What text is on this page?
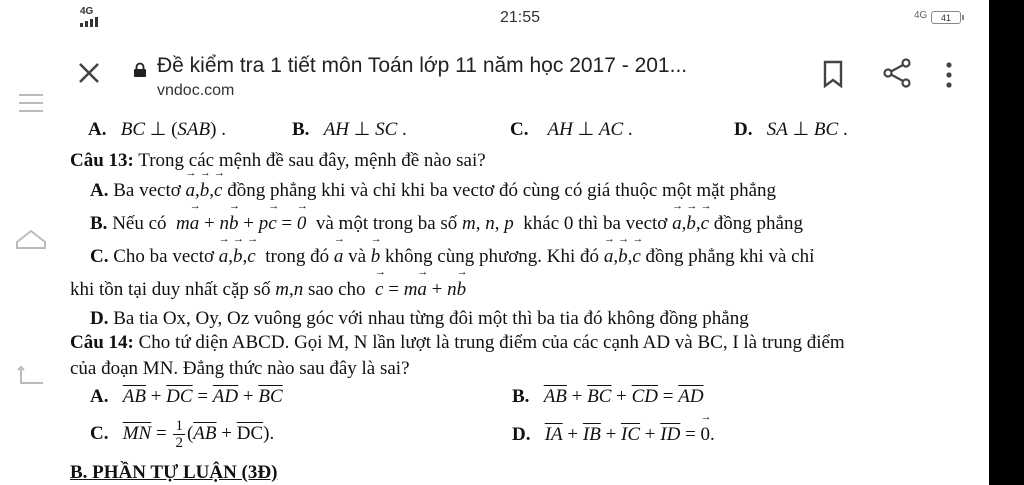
4G	21:55	4G	41
Đề kiểm tra 1 tiết môn Toán lớp 11 năm học 2017 - 201...
vndoc.com
A. BC ⊥ (SAB) .	B. AH ⊥ SC .	C. AH ⊥ AC .	D. SA ⊥ BC .
Câu 13: Trong các mệnh đề sau đây, mệnh đề nào sai?
A. Ba vectơ → a,→ b,→ c đồng phẳng khi và chỉ khi ba vectơ đó cùng có giá thuộc một mặt phẳng
B. Nếu có m→ a + n→ b + p→ c = → 0 và một trong ba số m, n, p khác 0 thì ba vectơ → a,→ b,→ c đồng phẳng
C. Cho ba vectơ → a,→ b,→ c trong đó → a và → b không cùng phương. Khi đó → a,→ b,→ c đồng phẳng khi và chỉ
khi tồn tại duy nhất cặp số m,n sao cho → c = m→ a + n→ b
D. Ba tia Ox, Oy, Oz vuông góc với nhau từng đôi một thì ba tia đó không đồng phẳng
Câu 14: Cho tứ diện ABCD. Gọi M, N lần lượt là trung điểm của các cạnh AD và BC, I là trung điểm
của đoạn MN. Đẳng thức nào sau đây là sai?
A. $\overline{AB} + \overline{DC} = \overline{AD} + \overline{BC}$	B. $\overline{AB} + \overline{BC} + \overline{CD} = \overline{AD}$
C. $\overline{MN} = \frac{1}{2} (\overline{AB} + \overline{DC})$.	D. $\overline{IA} + \overline{IB} + \overline{IC} + \overline{ID}$ = → 0.
B. PHẦN TỰ LUẬN (3Đ)
